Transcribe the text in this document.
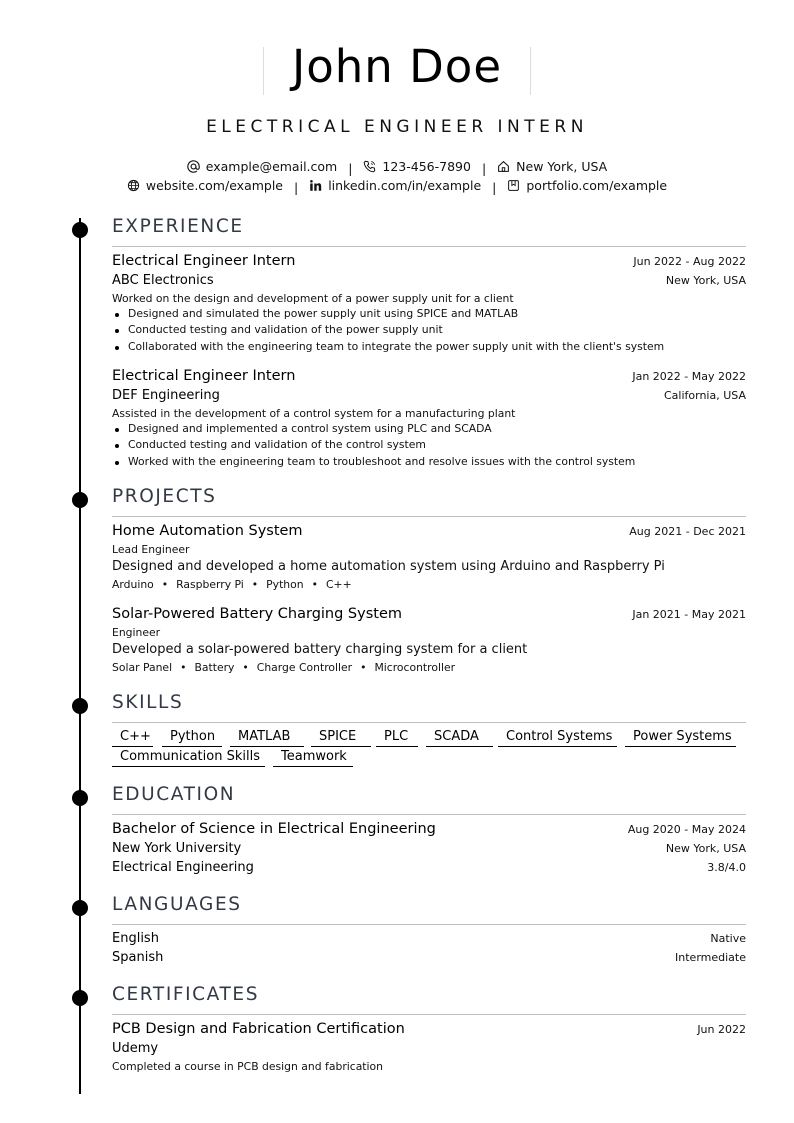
John Doe
ELECTRICAL ENGINEER INTERN
example@email.com | 123-456-7890 | New York, USA
website.com/example | linkedin.com/in/example | portfolio.com/example
EXPERIENCE
Electrical Engineer Intern	Jun 2022 - Aug 2022
ABC Electronics	New York, USA
Worked on the design and development of a power supply unit for a client
Designed and simulated the power supply unit using SPICE and MATLAB
Conducted testing and validation of the power supply unit
Collaborated with the engineering team to integrate the power supply unit with the client's system
Electrical Engineer Intern	Jan 2022 - May 2022
DEF Engineering	California, USA
Assisted in the development of a control system for a manufacturing plant
Designed and implemented a control system using PLC and SCADA
Conducted testing and validation of the control system
Worked with the engineering team to troubleshoot and resolve issues with the control system
PROJECTS
Home Automation System	Aug 2021 - Dec 2021
Lead Engineer
Designed and developed a home automation system using Arduino and Raspberry Pi
Arduino • Raspberry Pi • Python • C++
Solar-Powered Battery Charging System	Jan 2021 - May 2021
Engineer
Developed a solar-powered battery charging system for a client
Solar Panel • Battery • Charge Controller • Microcontroller
SKILLS
C++	Python	MATLAB	SPICE	PLC	SCADA	Control Systems	Power Systems
Communication Skills	Teamwork
EDUCATION
Bachelor of Science in Electrical Engineering	Aug 2020 - May 2024
New York University	New York, USA
Electrical Engineering	3.8/4.0
LANGUAGES
English	Native
Spanish	Intermediate
CERTIFICATES
PCB Design and Fabrication Certification	Jun 2022
Udemy
Completed a course in PCB design and fabrication
